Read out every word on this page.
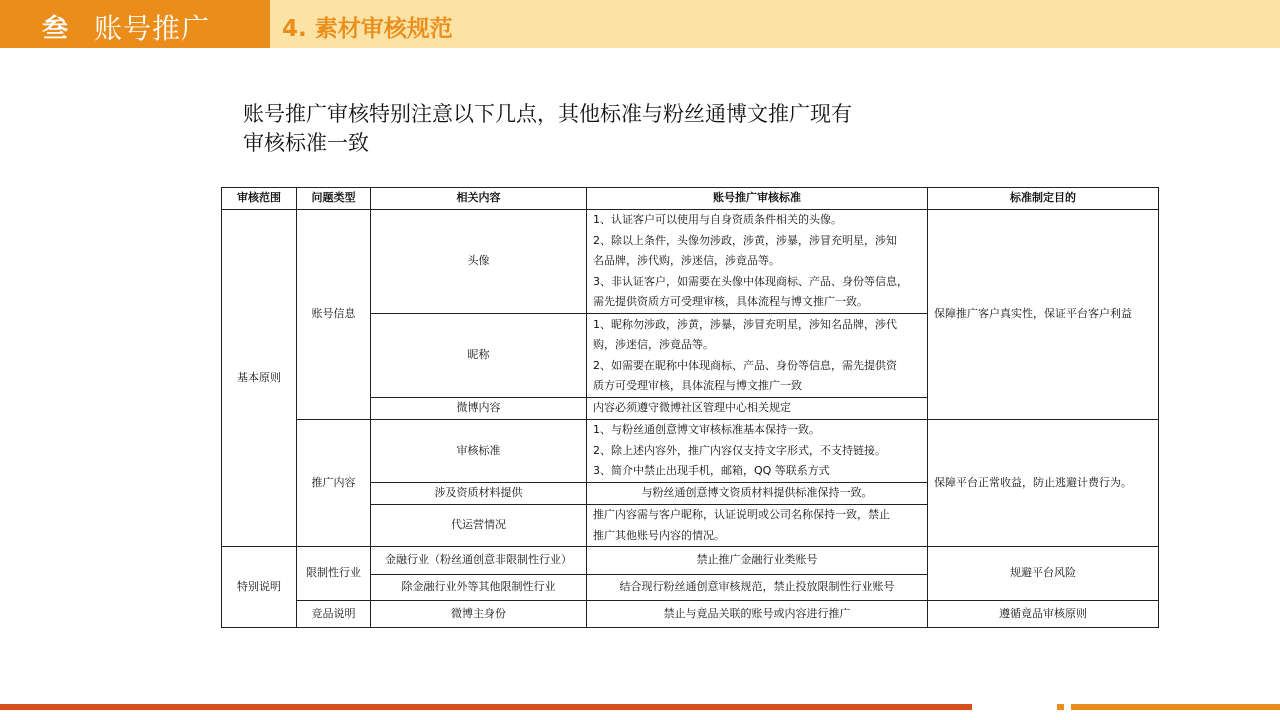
叁 账号推广	4. 素材审核规范
账号推广审核特别注意以下几点，其他标准与粉丝通博文推广现有
审核标准一致
审核范围	问题类型	相关内容	账号推广审核标准	标准制定目的
基本原则	账号信息	头像	1、认证客户可以使用与自身资质条件相关的头像。
2、除以上条件，头像勿涉政，涉黄，涉暴，涉冒充明星，涉知
名品牌，涉代购，涉迷信，涉竟品等。
3、非认证客户，如需要在头像中体现商标、产品、身份等信息，
需先提供资质方可受理审核，具体流程与博文推广一致。	保障推广客户真实性，保证平台客户利益
		昵称	1、昵称勿涉政，涉黄，涉暴，涉冒充明星，涉知名品牌，涉代
购，涉迷信，涉竟品等。
2、如需要在昵称中体现商标、产品、身份等信息，需先提供资
质方可受理审核，具体流程与博文推广一致	

		微博内容	内容必须遵守微博社区管理中心相关规定	
	推广内容	审核标准	1、与粉丝通创意博文审核标准基本保持一致。
2、除上述内容外，推广内容仅支持文字形式，不支持链接。
3、简介中禁止出现手机，邮箱，QQ 等联系方式	保障平台正常收益，防止逃避计费行为。
		涉及资质材料提供	与粉丝通创意博文资质材料提供标准保持一致。	
		代运营情况	推广内容需与客户昵称，认证说明或公司名称保持一致，禁止
推广其他账号内容的情况。	

特别说明	限制性行业	金融行业（粉丝通创意非限制性行业）	禁止推广金融行业类账号	规避平台风险
		除金融行业外等其他限制性行业	结合现行粉丝通创意审核规范，禁止投放限制性行业账号	
	竞品说明	微博主身份	禁止与竟品关联的账号或内容进行推广	遵循竟品审核原则
